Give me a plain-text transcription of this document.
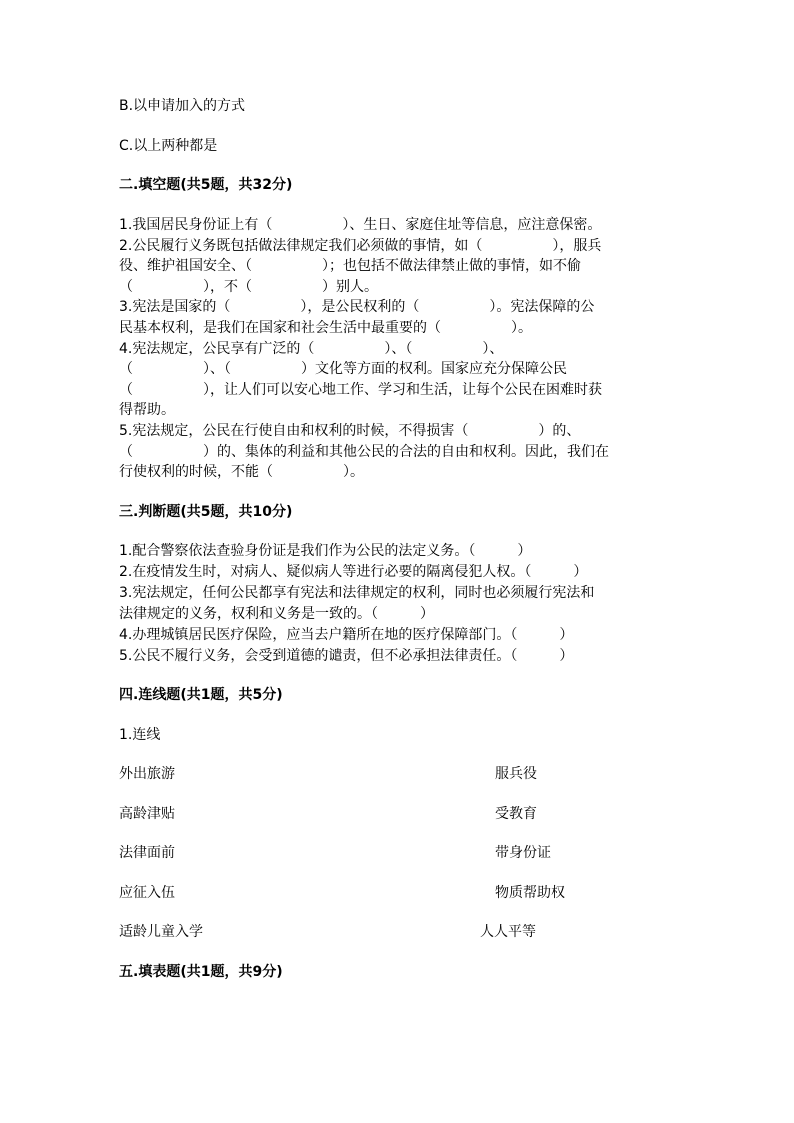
B.以申请加入的方式
C.以上两种都是
二.填空题(共5题，共32分)
1.我国居民身份证上有（　　　　　）、生日、家庭住址等信息，应注意保密。
2.公民履行义务既包括做法律规定我们必须做的事情，如（　　　　　），服兵
役、维护祖国安全、（　　　　　）；也包括不做法律禁止做的事情，如不偷
（　　　　　），不（　　　　　）别人。
3.宪法是国家的（　　　　　），是公民权利的（　　　　　）。宪法保障的公
民基本权利，是我们在国家和社会生活中最重要的（　　　　　）。
4.宪法规定，公民享有广泛的（　　　　　）、（　　　　　）、
（　　　　　）、（　　　　　）文化等方面的权利。国家应充分保障公民
（　　　　　），让人们可以安心地工作、学习和生活，让每个公民在困难时获
得帮助。
5.宪法规定，公民在行使自由和权利的时候，不得损害（　　　　　）的、
（　　　　　）的、集体的利益和其他公民的合法的自由和权利。因此，我们在
行使权利的时候，不能（　　　　　）。
三.判断题(共5题，共10分)
1.配合警察依法查验身份证是我们作为公民的法定义务。（　　　）
2.在疫情发生时，对病人、疑似病人等进行必要的隔离侵犯人权。（　　　）
3.宪法规定，任何公民都享有宪法和法律规定的权利，同时也必须履行宪法和
法律规定的义务，权利和义务是一致的。（　　　）
4.办理城镇居民医疗保险，应当去户籍所在地的医疗保障部门。（　　　）
5.公民不履行义务，会受到道德的谴责，但不必承担法律责任。（　　　）
四.连线题(共1题，共5分)
1.连线
外出旅游	服兵役
高龄津贴	受教育
法律面前	带身份证
应征入伍	物质帮助权
适龄儿童入学	人人平等
五.填表题(共1题，共9分)
